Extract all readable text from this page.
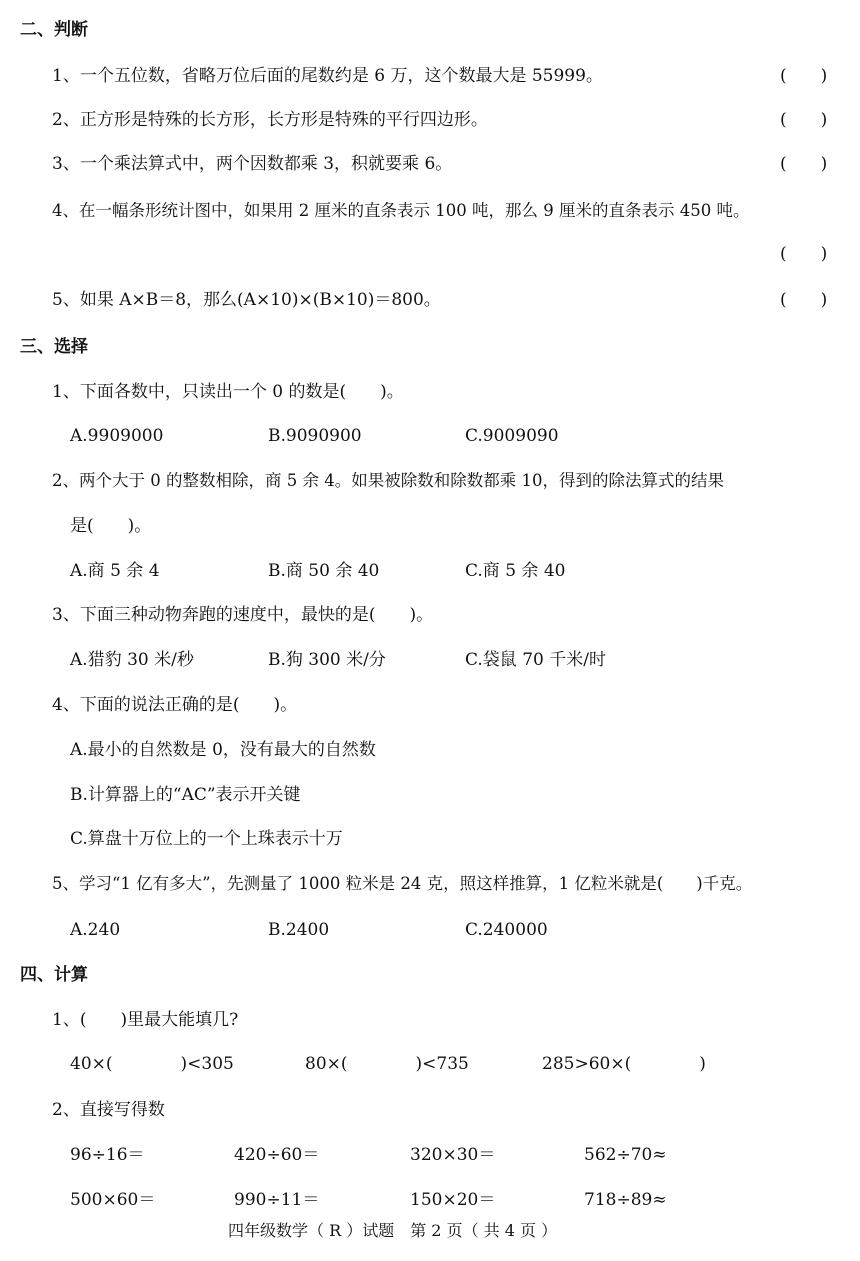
二、判断
1、一个五位数，省略万位后面的尾数约是 6 万，这个数最大是 55999。	(　　)
2、正方形是特殊的长方形，长方形是特殊的平行四边形。	(　　)
3、一个乘法算式中，两个因数都乘 3，积就要乘 6。	(　　)
4、在一幅条形统计图中，如果用 2 厘米的直条表示 100 吨，那么 9 厘米的直条表示 450 吨。
(　　)
5、如果 A×B＝8，那么(A×10)×(B×10)＝800。	(　　)
三、选择
1、下面各数中，只读出一个 0 的数是(　　)。
A.9909000	B.9090900	C.9009090
2、两个大于 0 的整数相除，商 5 余 4。如果被除数和除数都乘 10，得到的除法算式的结果
是(　　)。
A.商 5 余 4	B.商 50 余 40	C.商 5 余 40
3、下面三种动物奔跑的速度中，最快的是(　　)。
A.猎豹 30 米/秒	B.狗 300 米/分	C.袋鼠 70 千米/时
4、下面的说法正确的是(　　)。
A.最小的自然数是 0，没有最大的自然数
B.计算器上的“AC”表示开关键
C.算盘十万位上的一个上珠表示十万
5、学习“1 亿有多大”，先测量了 1000 粒米是 24 克，照这样推算，1 亿粒米就是(　　)千克。
A.240	B.2400	C.240000
四、计算
1、(　　)里最大能填几?
40×(　　　　)<305	80×(　　　　)<735	285>60×(　　　　)
2、直接写得数
96÷16＝	420÷60＝	320×30＝	562÷70≈
500×60＝	990÷11＝	150×20＝	718÷89≈
四年级数学（ R ）试题　第 2 页（ 共 4 页 ）
